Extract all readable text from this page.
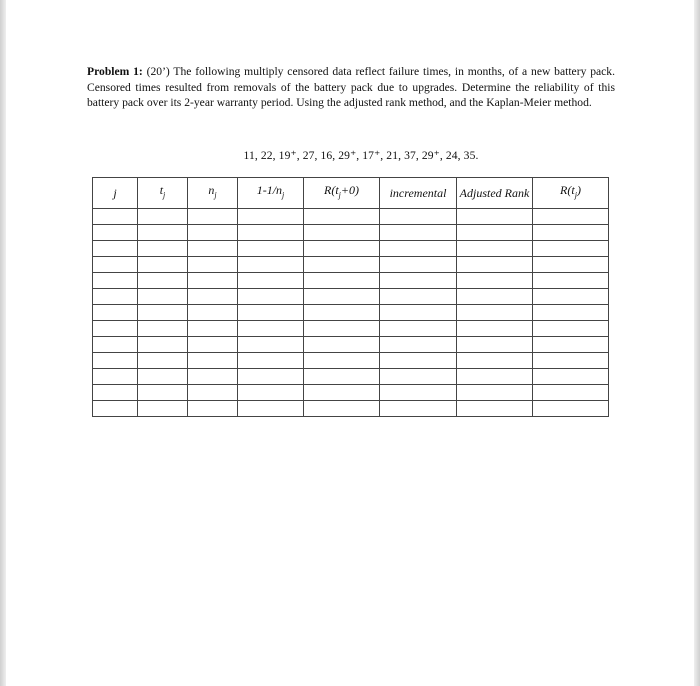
Problem 1: (20’) The following multiply censored data reflect failure times, in months, of a new battery pack. Censored times resulted from removals of the battery pack due to upgrades. Determine the reliability of this battery pack over its 2-year warranty period. Using the adjusted rank method, and the Kaplan-Meier method.
11, 22, 19⁺, 27, 16, 29⁺, 17⁺, 21, 37, 29⁺, 24, 35.
j	$t_j$	$n_j$	$1-1/n_j$	$R(t_j+0)$	incremental	Adjusted Rank	$R(t_j)$
